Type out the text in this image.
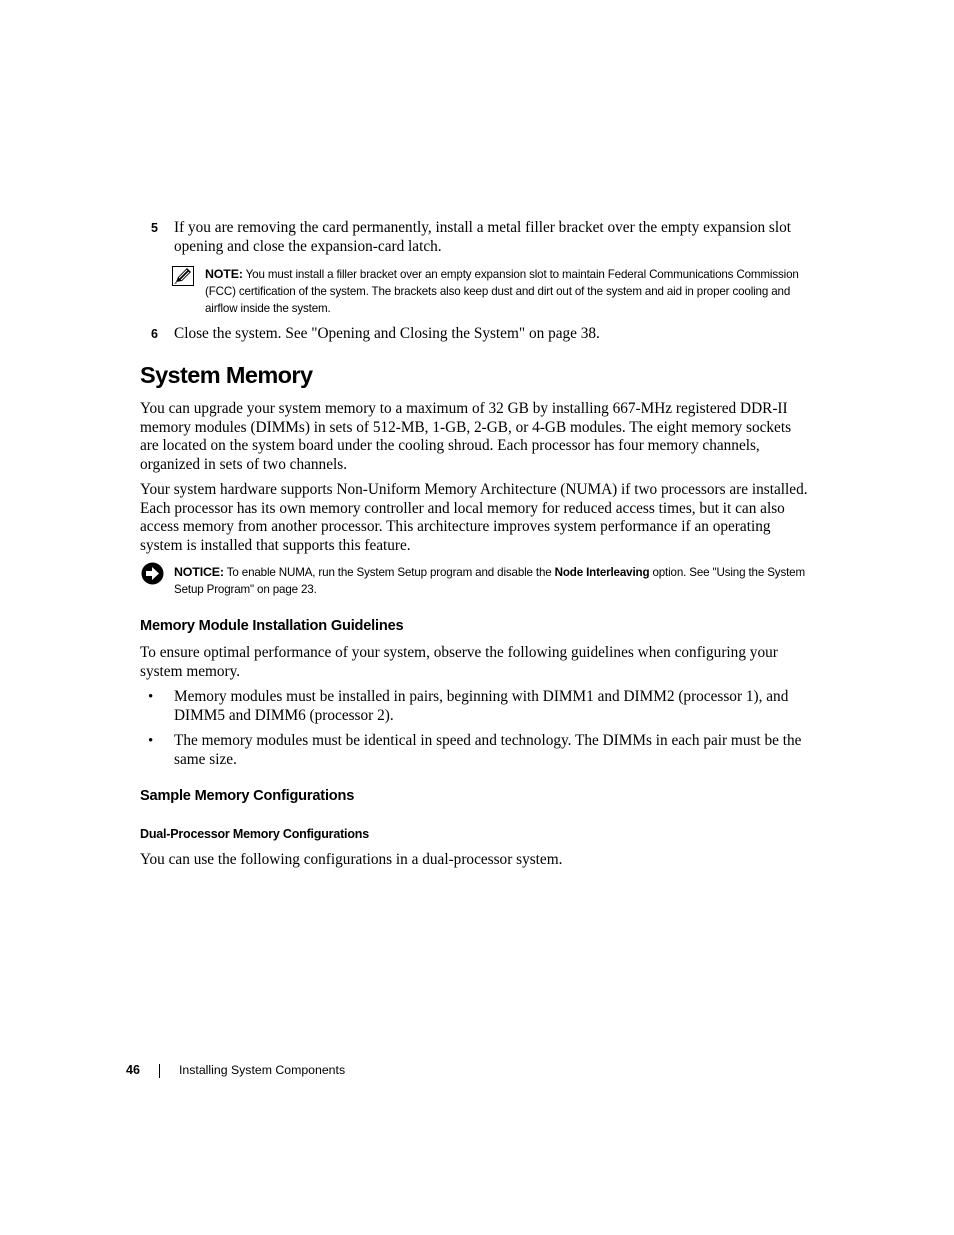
5 If you are removing the card permanently, install a metal filler bracket over the empty expansion slot opening and close the expansion-card latch.
NOTE: You must install a filler bracket over an empty expansion slot to maintain Federal Communications Commission (FCC) certification of the system. The brackets also keep dust and dirt out of the system and aid in proper cooling and airflow inside the system.
6 Close the system. See "Opening and Closing the System" on page 38.
System Memory
You can upgrade your system memory to a maximum of 32 GB by installing 667-MHz registered DDR-II memory modules (DIMMs) in sets of 512-MB, 1-GB, 2-GB, or 4-GB modules. The eight memory sockets are located on the system board under the cooling shroud. Each processor has four memory channels, organized in sets of two channels.
Your system hardware supports Non-Uniform Memory Architecture (NUMA) if two processors are installed. Each processor has its own memory controller and local memory for reduced access times, but it can also access memory from another processor. This architecture improves system performance if an operating system is installed that supports this feature.
NOTICE: To enable NUMA, run the System Setup program and disable the Node Interleaving option. See "Using the System Setup Program" on page 23.
Memory Module Installation Guidelines
To ensure optimal performance of your system, observe the following guidelines when configuring your system memory.
• Memory modules must be installed in pairs, beginning with DIMM1 and DIMM2 (processor 1), and DIMM5 and DIMM6 (processor 2).
• The memory modules must be identical in speed and technology. The DIMMs in each pair must be the same size.
Sample Memory Configurations
Dual-Processor Memory Configurations
You can use the following configurations in a dual-processor system.
46	Installing System Components
